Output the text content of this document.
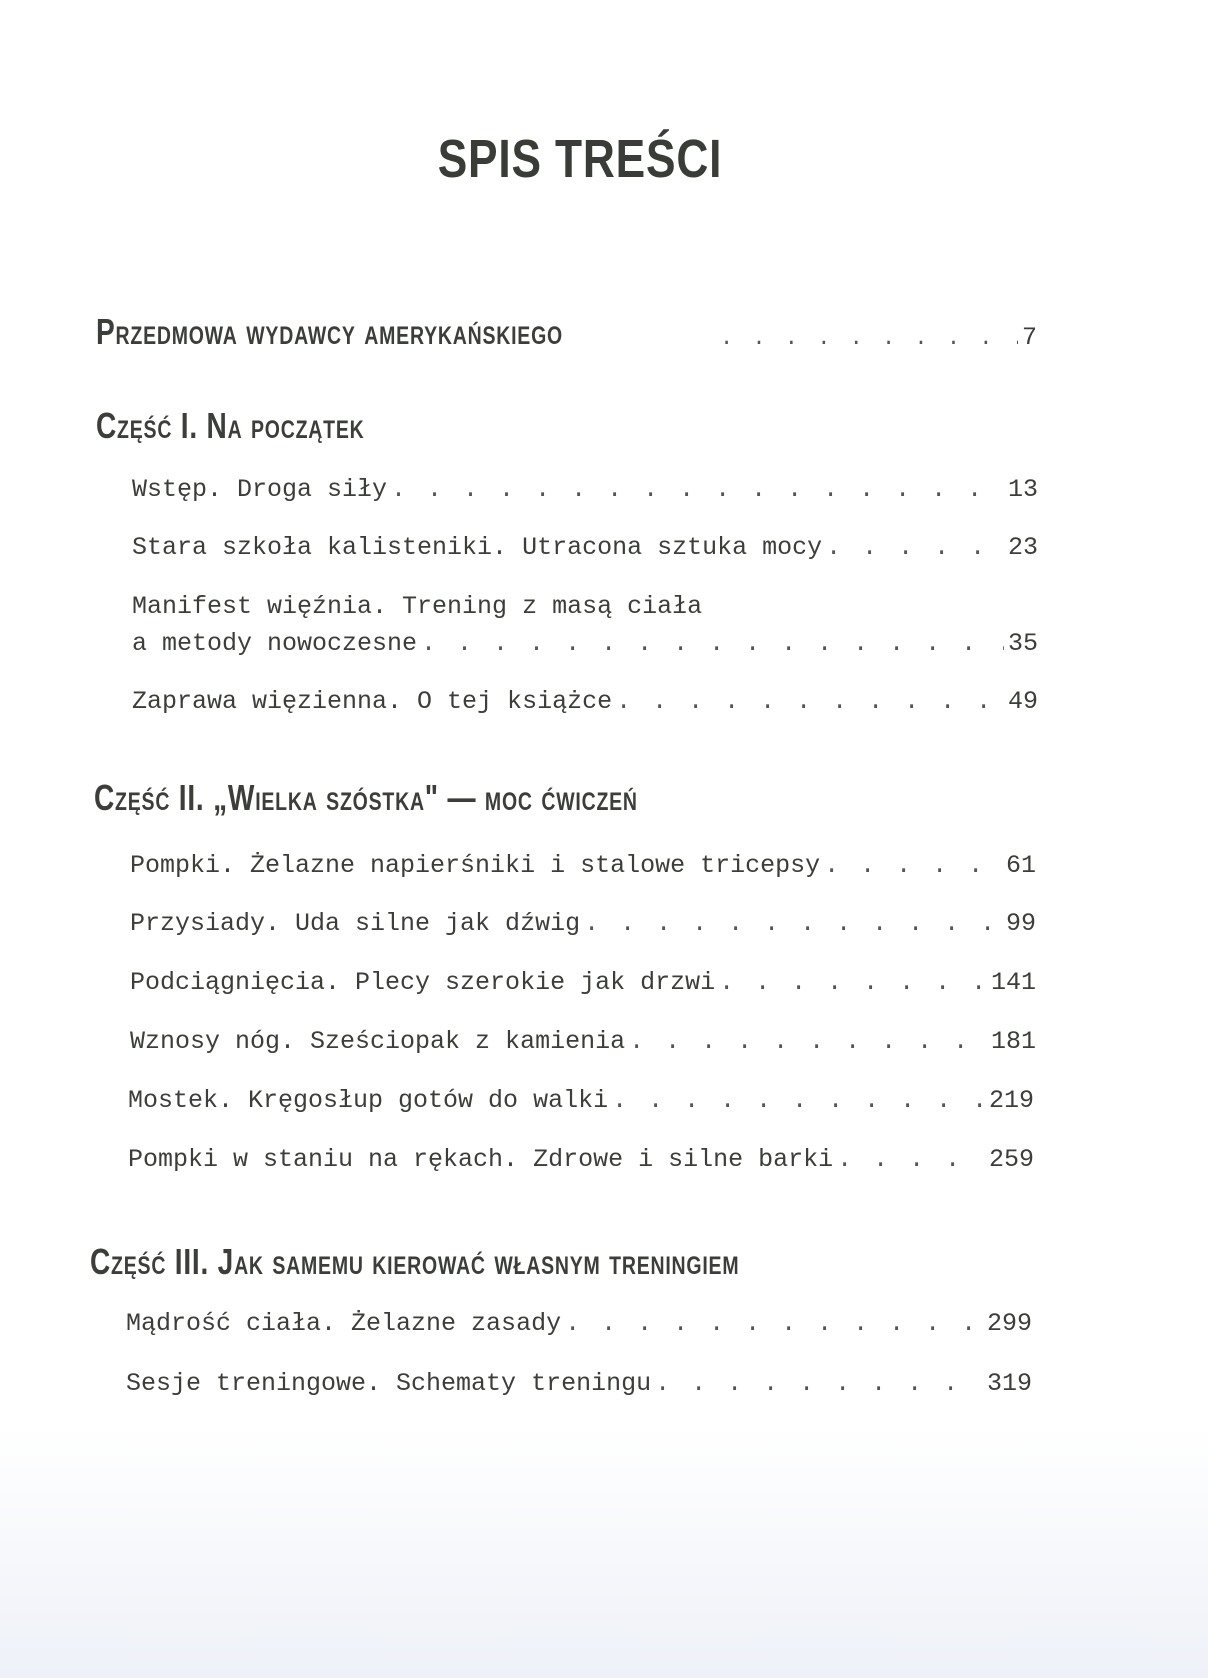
SPIS TREŚCI
Przedmowa wydawcy amerykańskiego . . .	7
Część I. Na początek
Wstęp. Droga siły . . .	13
Stara szkoła kalisteniki. Utracona sztuka mocy . . .	23
Manifest więźnia. Trening z masą ciała
a metody nowoczesne . . .	35
Zaprawa więzienna. O tej książce . . .	49
Część II. „Wielka szóstka" — moc ćwiczeń
Pompki. Żelazne napierśniki i stalowe tricepsy . . .	61
Przysiady. Uda silne jak dźwig . . .	99
Podciągnięcia. Plecy szerokie jak drzwi . . .	141
Wznosy nóg. Sześciopak z kamienia . . .	181
Mostek. Kręgosłup gotów do walki . . .	219
Pompki w staniu na rękach. Zdrowe i silne barki . . .	259
Część III. Jak samemu kierować własnym treningiem
Mądrość ciała. Żelazne zasady . . .	299
Sesje treningowe. Schematy treningu . . .	319
